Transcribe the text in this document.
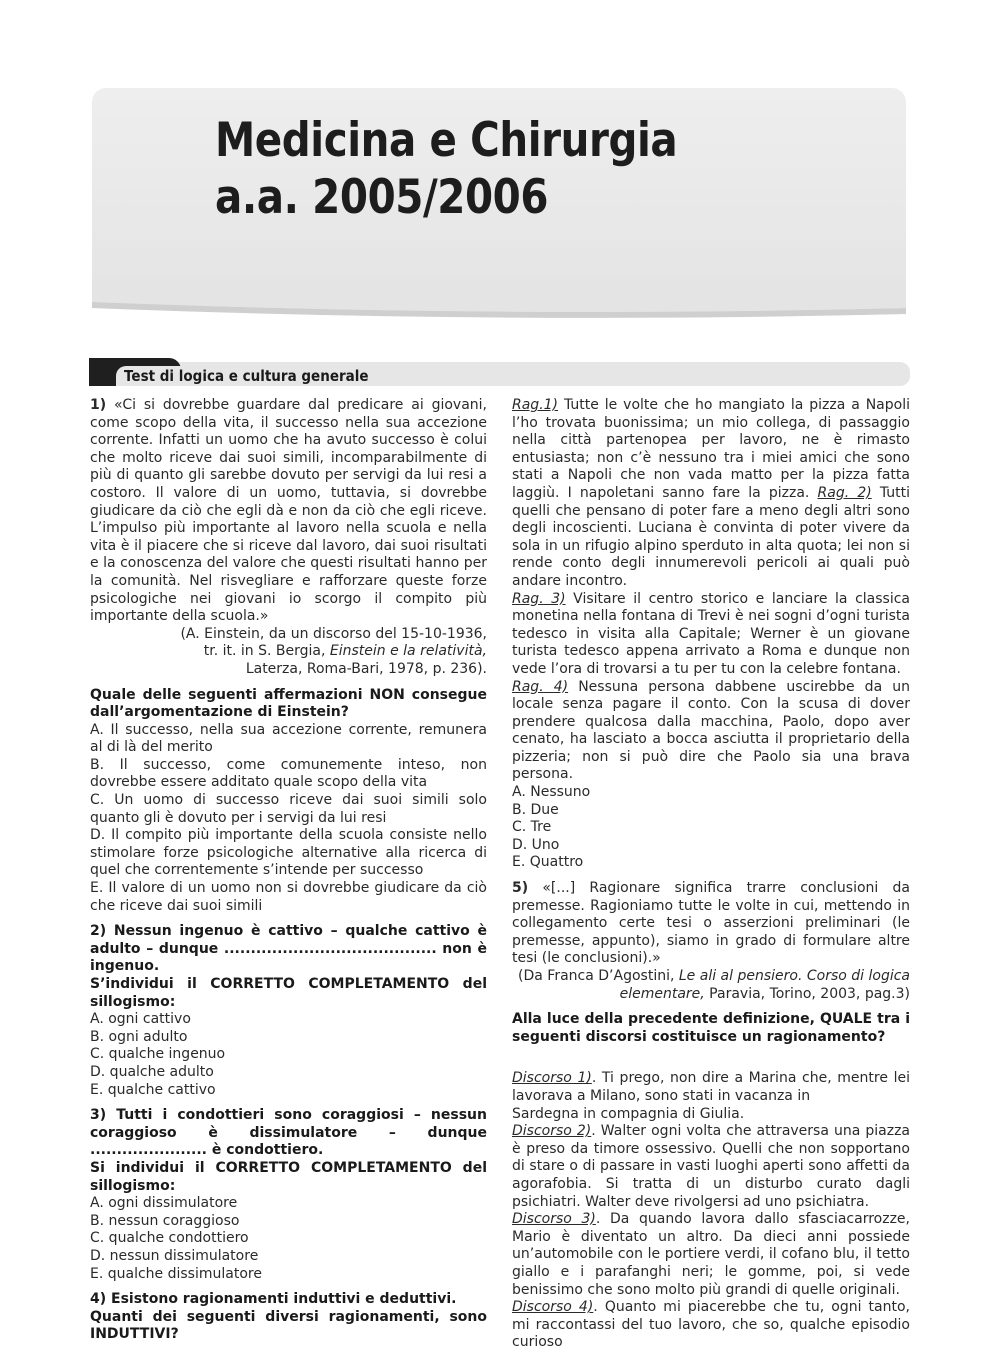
Medicina e Chirurgia
a.a. 2005/2006
Test di logica e cultura generale

1) «Ci si dovrebbe guardare dal predicare ai giovani, come scopo della vita, il successo nella sua accezione corrente. Infatti un uomo che ha avuto successo è colui che molto riceve dai suoi simili, incomparabilmente di più di quanto gli sarebbe dovuto per servigi da lui resi a costoro. Il valore di un uomo, tuttavia, si dovrebbe giudicare da ciò che egli dà e non da ciò che egli riceve. L’impulso più importante al lavoro nella scuola e nella vita è il piacere che si riceve dal lavoro, dai suoi risultati e la conoscenza del valore che questi risultati hanno per la comunità. Nel risvegliare e rafforzare queste forze psicologiche nei giovani io scorgo il compito più importante della scuola.»

(A. Einstein, da un discorso del 15-10-1936,

tr. it. in S. Bergia, Einstein e la relatività,

Laterza, Roma-Bari, 1978, p. 236).

Quale delle seguenti affermazioni NON consegue dall’argomentazione di Einstein?

A. Il successo, nella sua accezione corrente, remunera al di là del merito

B. Il successo, come comunemente inteso, non dovrebbe essere additato quale scopo della vita

C. Un uomo di successo riceve dai suoi simili solo quanto gli è dovuto per i servigi da lui resi

D. Il compito più importante della scuola consiste nello stimolare forze psicologiche alternative alla ricerca di quel che correntemente s’intende per successo

E. Il valore di un uomo non si dovrebbe giudicare da ciò che riceve dai suoi simili

2) Nessun ingenuo è cattivo – qualche cattivo è adulto – dunque ........................................ non è ingenuo.

S’individui il CORRETTO COMPLETAMENTO del sillogismo:

A. ogni cattivo

B. ogni adulto

C. qualche ingenuo

D. qualche adulto

E. qualche cattivo

3) Tutti i condottieri sono coraggiosi – nessun coraggioso è dissimulatore – dunque ...................... è condottiero.

Si individui il CORRETTO COMPLETAMENTO del sillogismo:

A. ogni dissimulatore

B. nessun coraggioso

C. qualche condottiero

D. nessun dissimulatore

E. qualche dissimulatore

4) Esistono ragionamenti induttivi e deduttivi.

Quanti dei seguenti diversi ragionamenti, sono INDUTTIVI?

Rag.1) Tutte le volte che ho mangiato la pizza a Napoli l’ho trovata buonissima; un mio collega, di passaggio nella città partenopea per lavoro, ne è rimasto entusiasta; non c’è nessuno tra i miei amici che sono stati a Napoli che non vada matto per la pizza fatta laggiù. I napoletani sanno fare la pizza. Rag. 2) Tutti quelli che pensano di poter fare a meno degli altri sono degli incoscienti. Luciana è convinta di poter vivere da sola in un rifugio alpino sperduto in alta quota; lei non si rende conto degli innumerevoli pericoli ai quali può andare incontro.

Rag. 3) Visitare il centro storico e lanciare la classica monetina nella fontana di Trevi è nei sogni d’ogni turista tedesco in visita alla Capitale; Werner è un giovane turista tedesco appena arrivato a Roma e dunque non vede l’ora di trovarsi a tu per tu con la celebre fontana.

Rag. 4) Nessuna persona dabbene uscirebbe da un locale senza pagare il conto. Con la scusa di dover prendere qualcosa dalla macchina, Paolo, dopo aver cenato, ha lasciato a bocca asciutta il proprietario della pizzeria; non si può dire che Paolo sia una brava persona.

A. Nessuno

B. Due

C. Tre

D. Uno

E. Quattro

5) «[...] Ragionare significa trarre conclusioni da premesse. Ragioniamo tutte le volte in cui, mettendo in collegamento certe tesi o asserzioni preliminari (le premesse, appunto), siamo in grado di formulare altre tesi (le conclusioni).»

(Da Franca D’Agostini, Le ali al pensiero. Corso di logica elementare, Paravia, Torino, 2003, pag.3)

Alla luce della precedente definizione, QUALE tra i seguenti discorsi costituisce un ragionamento?

Discorso 1). Ti prego, non dire a Marina che, mentre lei lavorava a Milano, sono stati in vacanza in

Sardegna in compagnia di Giulia.

Discorso 2). Walter ogni volta che attraversa una piazza è preso da timore ossessivo. Quelli che non sopportano di stare o di passare in vasti luoghi aperti sono affetti da agorafobia. Si tratta di un disturbo curato dagli psichiatri. Walter deve rivolgersi ad uno psichiatra.

Discorso 3). Da quando lavora dallo sfasciacarrozze, Mario è diventato un altro. Da dieci anni possiede un’automobile con le portiere verdi, il cofano blu, il tetto giallo e i parafanghi neri; le gomme, poi, si vede benissimo che sono molto più grandi di quelle originali.

Discorso 4). Quanto mi piacerebbe che tu, ogni tanto, mi raccontassi del tuo lavoro, che so, qualche episodio curioso
